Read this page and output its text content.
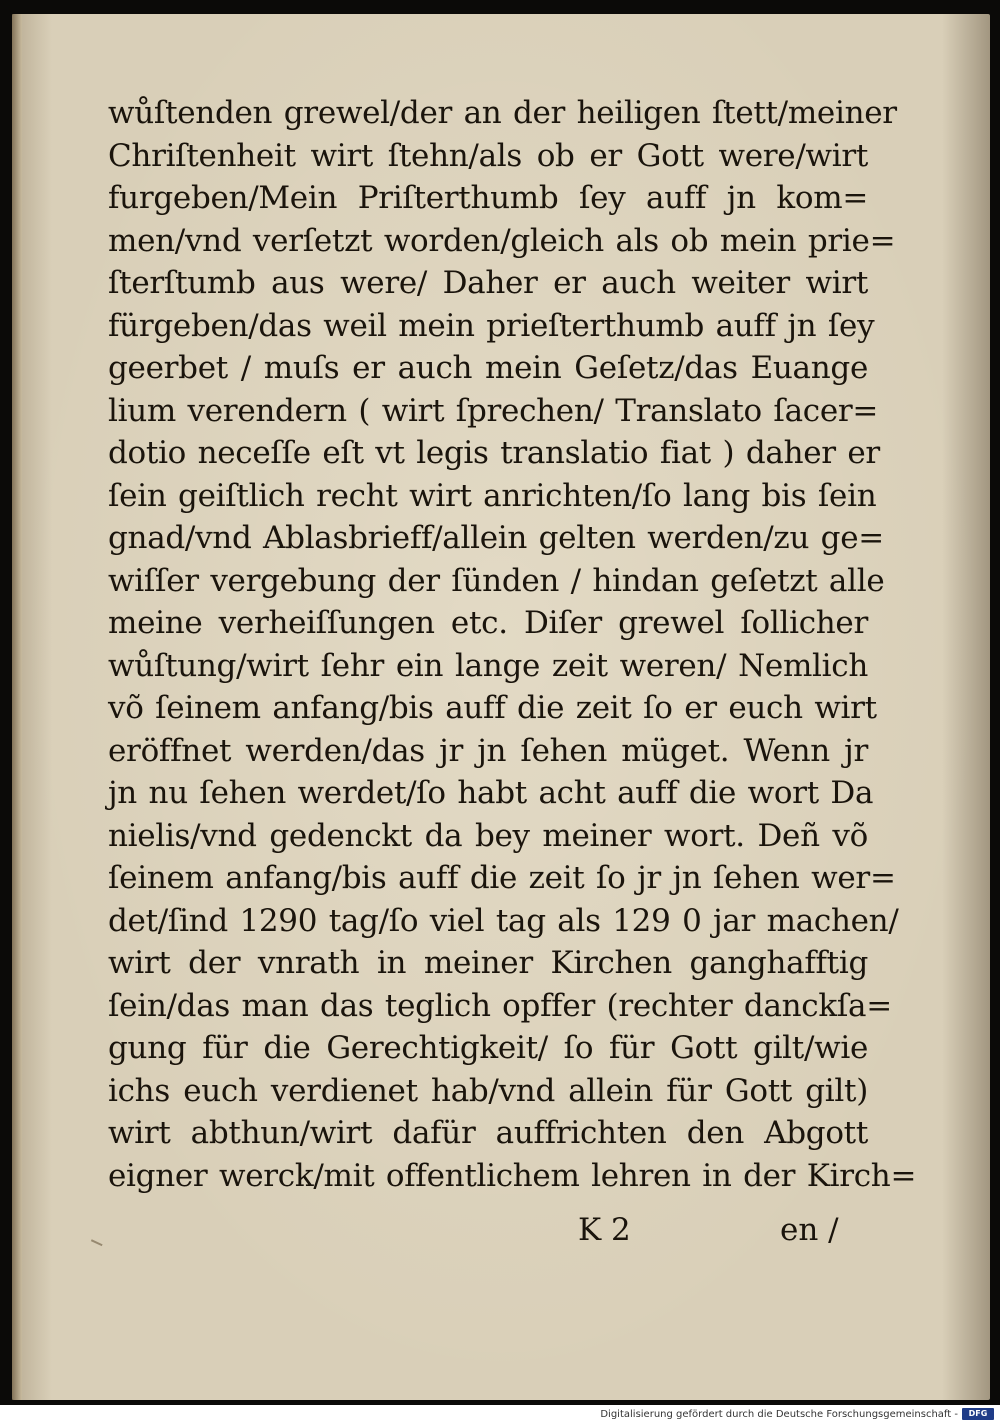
wůſtenden grewel/der an der heiligen ſtett/meiner
Chriſtenheit wirt ſtehn/als ob er Gott were/wirt
furgeben/Mein Priſterthumb ſey auff jn kom=
men/vnd verſetzt worden/gleich als ob mein prie=
ſterſtumb aus were/ Daher er auch weiter wirt
fürgeben/das weil mein prieſterthumb auff jn ſey
geerbet / muſs er auch mein Geſetz/das Euange
lium verendern ( wirt ſprechen/ Translato ſacer=
dotio neceſſe eſt vt legis translatio fiat ) daher er
ſein geiſtlich recht wirt anrichten/ſo lang bis ſein
gnad/vnd Ablasbrieff/allein gelten werden/zu ge=
wiſſer vergebung der ſünden / hindan geſetzt alle
meine verheiſſungen etc. Diſer grewel ſollicher
wůſtung/wirt ſehr ein lange zeit weren/ Nemlich
võ ſeinem anfang/bis auff die zeit ſo er euch wirt
eröffnet werden/das jr jn ſehen müget. Wenn jr
jn nu ſehen werdet/ſo habt acht auff die wort Da
nielis/vnd gedenckt da bey meiner wort. Deñ võ
ſeinem anfang/bis auff die zeit ſo jr jn ſehen wer=
det/ſind 1290 tag/ſo viel tag als 129 0 jar machen/
wirt der vnrath in meiner Kirchen ganghafftig
ſein/das man das teglich opffer (rechter danckſa=
gung für die Gerechtigkeit/ ſo für Gott gilt/wie
ichs euch verdienet hab/vnd allein für Gott gilt)
wirt abthun/wirt dafür auffrichten den Abgott
eigner werck/mit offentlichem lehren in der Kirch=
K 2	en /
Digitalisierung gefördert durch die Deutsche Forschungsgemeinschaft -	DFG
